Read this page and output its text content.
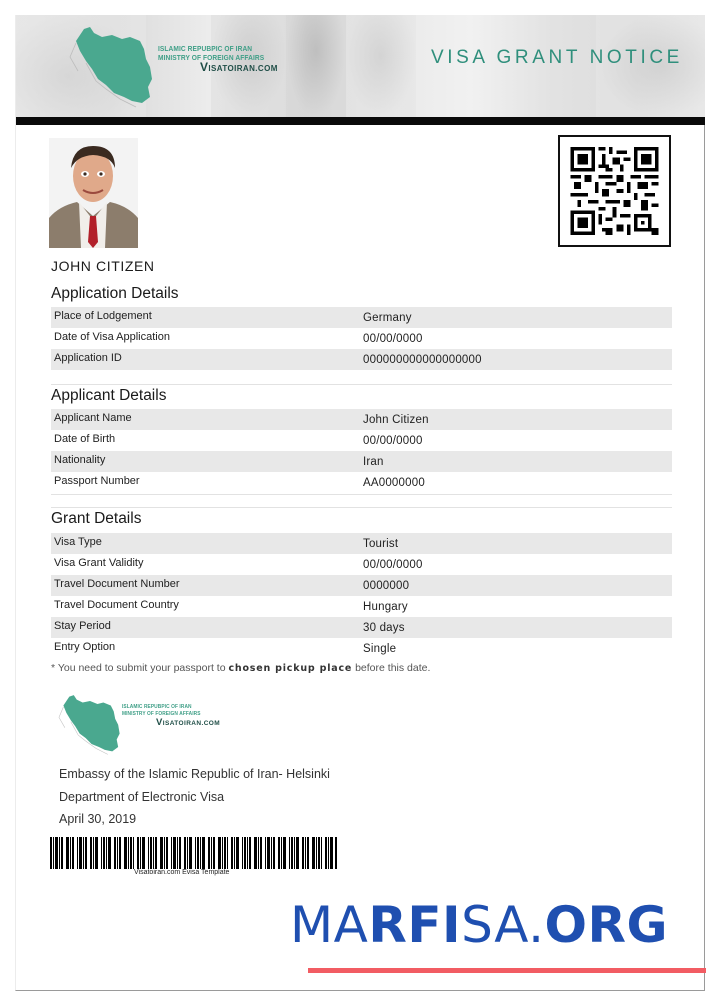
ISLAMIC REPUBPIC OF IRAN
MINISTRY OF FOREIGN AFFAIRS
VISATOIRAN.COM
VISA GRANT NOTICE
JOHN CITIZEN
Application Details
Place of Lodgement	Germany
Date of Visa Application	00/00/0000
Application ID	000000000000000000
Applicant Details
Applicant Name	John Citizen
Date of Birth	00/00/0000
Nationality	Iran
Passport Number	AA0000000
Grant Details
Visa Type	Tourist
Visa Grant Validity	00/00/0000
Travel Document Number	0000000
Travel Document Country	Hungary
Stay Period	30 days
Entry Option	Single
* You need to submit your passport to chosen pickup place before this date.
ISLAMIC REPUBPIC OF IRAN
MINISTRY OF FOREIGN AFFAIRS
VISATOIRAN.COM
Embassy of the Islamic Republic of Iran- Helsinki
Department of Electronic Visa
April 30, 2019
Visatoiran.com Evisa Template
MARFISA.ORG
